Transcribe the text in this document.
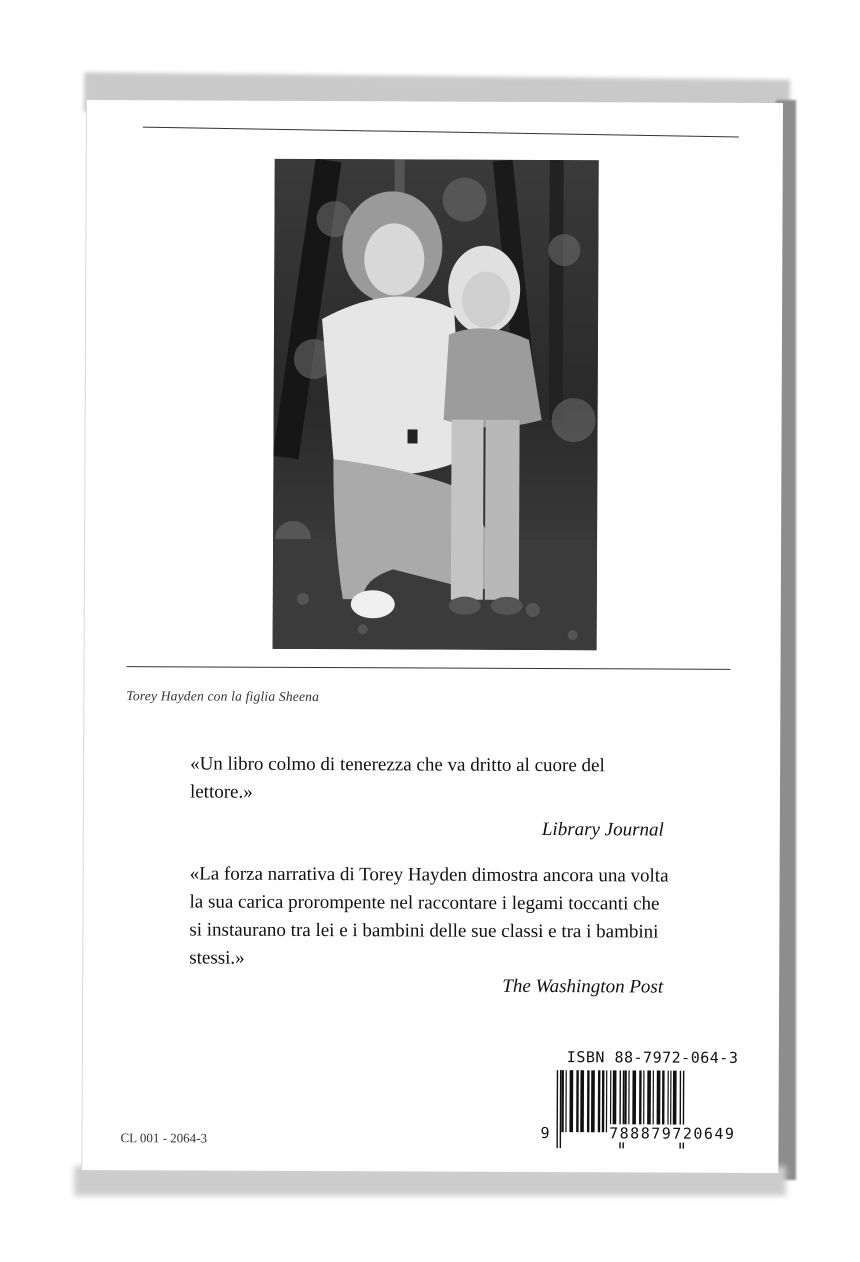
Torey Hayden con la figlia Sheena
«Un libro colmo di tenerezza che va dritto al cuore del lettore.»
Library Journal
«La forza narrativa di Torey Hayden dimostra ancora una volta la sua carica prorompente nel raccontare i legami toccanti che si instaurano tra lei e i bambini delle sue classi e tra i bambini stessi.»
The Washington Post
CL 001 - 2064-3
ISBN 88-7972-064-3
9	788879720649
